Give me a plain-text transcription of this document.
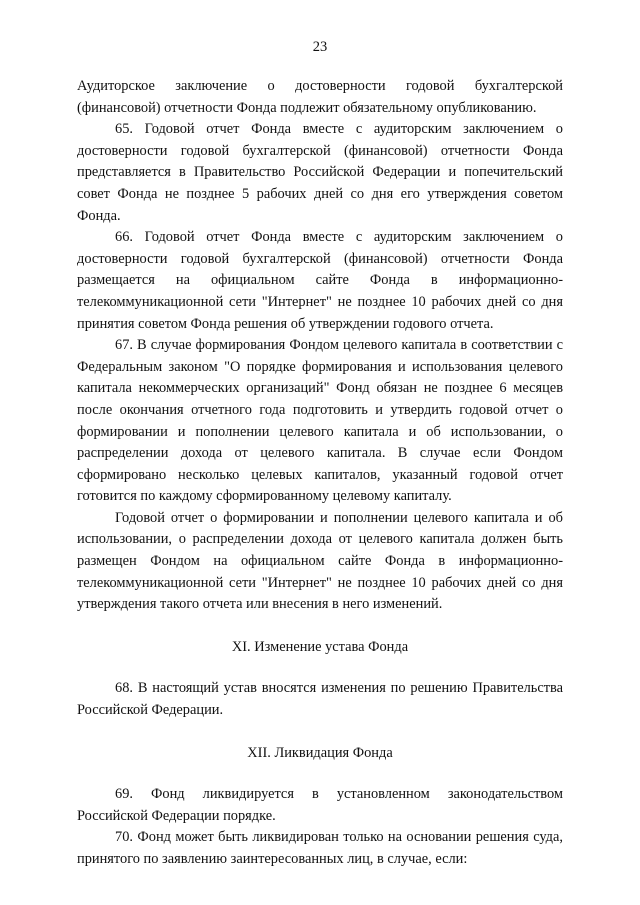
23

Аудиторское заключение о достоверности годовой бухгалтерской (финансовой) отчетности Фонда подлежит обязательному опубликованию.

65. Годовой отчет Фонда вместе с аудиторским заключением о достоверности годовой бухгалтерской (финансовой) отчетности Фонда представляется в Правительство Российской Федерации и попечительский совет Фонда не позднее 5 рабочих дней со дня его утверждения советом Фонда.

66. Годовой отчет Фонда вместе с аудиторским заключением о достоверности годовой бухгалтерской (финансовой) отчетности Фонда размещается на официальном сайте Фонда в информационно-телекоммуникационной сети "Интернет" не позднее 10 рабочих дней со дня принятия советом Фонда решения об утверждении годового отчета.

67. В случае формирования Фондом целевого капитала в соответствии с Федеральным законом "О порядке формирования и использования целевого капитала некоммерческих организаций" Фонд обязан не позднее 6 месяцев после окончания отчетного года подготовить и утвердить годовой отчет о формировании и пополнении целевого капитала и об использовании, о распределении дохода от целевого капитала. В случае если Фондом сформировано несколько целевых капиталов, указанный годовой отчет готовится по каждому сформированному целевому капиталу.

Годовой отчет о формировании и пополнении целевого капитала и об использовании, о распределении дохода от целевого капитала должен быть размещен Фондом на официальном сайте Фонда в информационно-телекоммуникационной сети "Интернет" не позднее 10 рабочих дней со дня утверждения такого отчета или внесения в него изменений.

XI. Изменение устава Фонда

68. В настоящий устав вносятся изменения по решению Правительства Российской Федерации.

XII. Ликвидация Фонда

69. Фонд ликвидируется в установленном законодательством Российской Федерации порядке.

70. Фонд может быть ликвидирован только на основании решения суда, принятого по заявлению заинтересованных лиц, в случае, если:
